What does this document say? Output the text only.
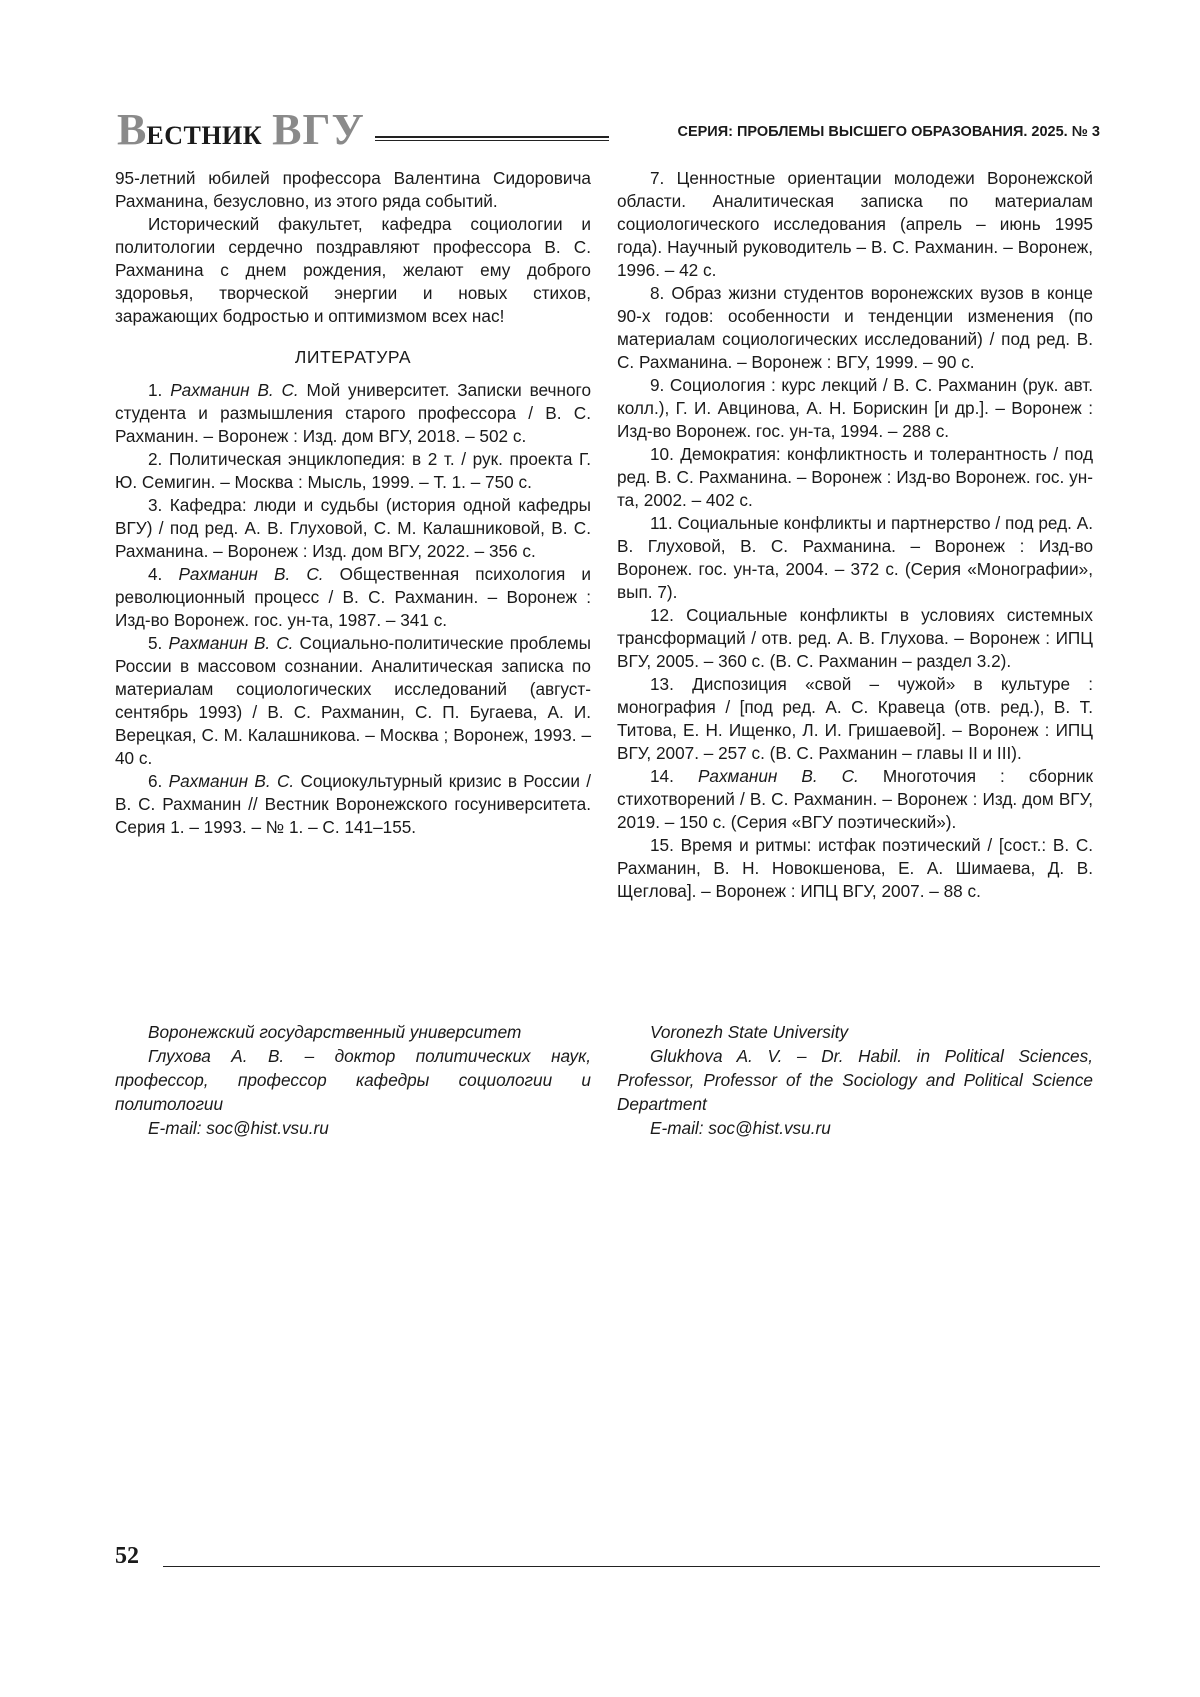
ВЕСТНИК ВГУ	СЕРИЯ: ПРОБЛЕМЫ ВЫСШЕГО ОБРАЗОВАНИЯ. 2025. № 3

95-летний юбилей профессора Валентина Сидоровича Рахманина, безусловно, из этого ряда событий.

Исторический факультет, кафедра социологии и политологии сердечно поздравляют профессора В. С. Рахманина с днем рождения, желают ему доброго здоровья, творческой энергии и новых стихов, заражающих бодростью и оптимизмом всех нас!

ЛИТЕРАТУРА

1. Рахманин В. С. Мой университет. Записки вечного студента и размышления старого профессора / В. С. Рахманин. – Воронеж : Изд. дом ВГУ, 2018. – 502 с.

2. Политическая энциклопедия: в 2 т. / рук. проекта Г. Ю. Семигин. – Москва : Мысль, 1999. – Т. 1. – 750 с.

3. Кафедра: люди и судьбы (история одной кафедры ВГУ) / под ред. А. В. Глуховой, С. М. Калашниковой, В. С. Рахманина. – Воронеж : Изд. дом ВГУ, 2022. – 356 с.

4. Рахманин В. С. Общественная психология и революционный процесс / В. С. Рахманин. – Воронеж : Изд-во Воронеж. гос. ун-та, 1987. – 341 с.

5. Рахманин В. С. Социально-политические проблемы России в массовом сознании. Аналитическая записка по материалам социологических исследований (август-сентябрь 1993) / В. С. Рахманин, С. П. Бугаева, А. И. Верецкая, С. М. Калашникова. – Москва ; Воронеж, 1993. – 40 с.

6. Рахманин В. С. Социокультурный кризис в России / В. С. Рахманин // Вестник Воронежского госуниверситета. Серия 1. – 1993. – № 1. – С. 141–155.

7. Ценностные ориентации молодежи Воронежской области. Аналитическая записка по материалам социологического исследования (апрель – июнь 1995 года). Научный руководитель – В. С. Рахманин. – Воронеж, 1996. – 42 с.

8. Образ жизни студентов воронежских вузов в конце 90-х годов: особенности и тенденции изменения (по материалам социологических исследований) / под ред. В. С. Рахманина. – Воронеж : ВГУ, 1999. – 90 с.

9. Социология : курс лекций / В. С. Рахманин (рук. авт. колл.), Г. И. Авцинова, А. Н. Борискин [и др.]. – Воронеж : Изд-во Воронеж. гос. ун-та, 1994. – 288 с.

10. Демократия: конфликтность и толерантность / под ред. В. С. Рахманина. – Воронеж : Изд-во Воронеж. гос. ун-та, 2002. – 402 с.

11. Социальные конфликты и партнерство / под ред. А. В. Глуховой, В. С. Рахманина. – Воронеж : Изд-во Воронеж. гос. ун-та, 2004. – 372 с. (Серия «Монографии», вып. 7).

12. Социальные конфликты в условиях системных трансформаций / отв. ред. А. В. Глухова. – Воронеж : ИПЦ ВГУ, 2005. – 360 с. (В. С. Рахманин – раздел 3.2).

13. Диспозиция «свой – чужой» в культуре : монография / [под ред. А. С. Кравеца (отв. ред.), В. Т. Титова, Е. Н. Ищенко, Л. И. Гришаевой]. – Воронеж : ИПЦ ВГУ, 2007. – 257 с. (В. С. Рахманин – главы II и III).

14. Рахманин В. С. Многоточия : сборник стихотворений / В. С. Рахманин. – Воронеж : Изд. дом ВГУ, 2019. – 150 с. (Серия «ВГУ поэтический»).

15. Время и ритмы: истфак поэтический / [сост.: В. С. Рахманин, В. Н. Новокшенова, Е. А. Шимаева, Д. В. Щеглова]. – Воронеж : ИПЦ ВГУ, 2007. – 88 с.

Воронежский государственный университет

Глухова А. В. – доктор политических наук, профессор, профессор кафедры социологии и политологии

E-mail: soc@hist.vsu.ru

Voronezh State University

Glukhova A. V. – Dr. Habil. in Political Sciences, Professor, Professor of the Sociology and Political Science Department

E-mail: soc@hist.vsu.ru

52
